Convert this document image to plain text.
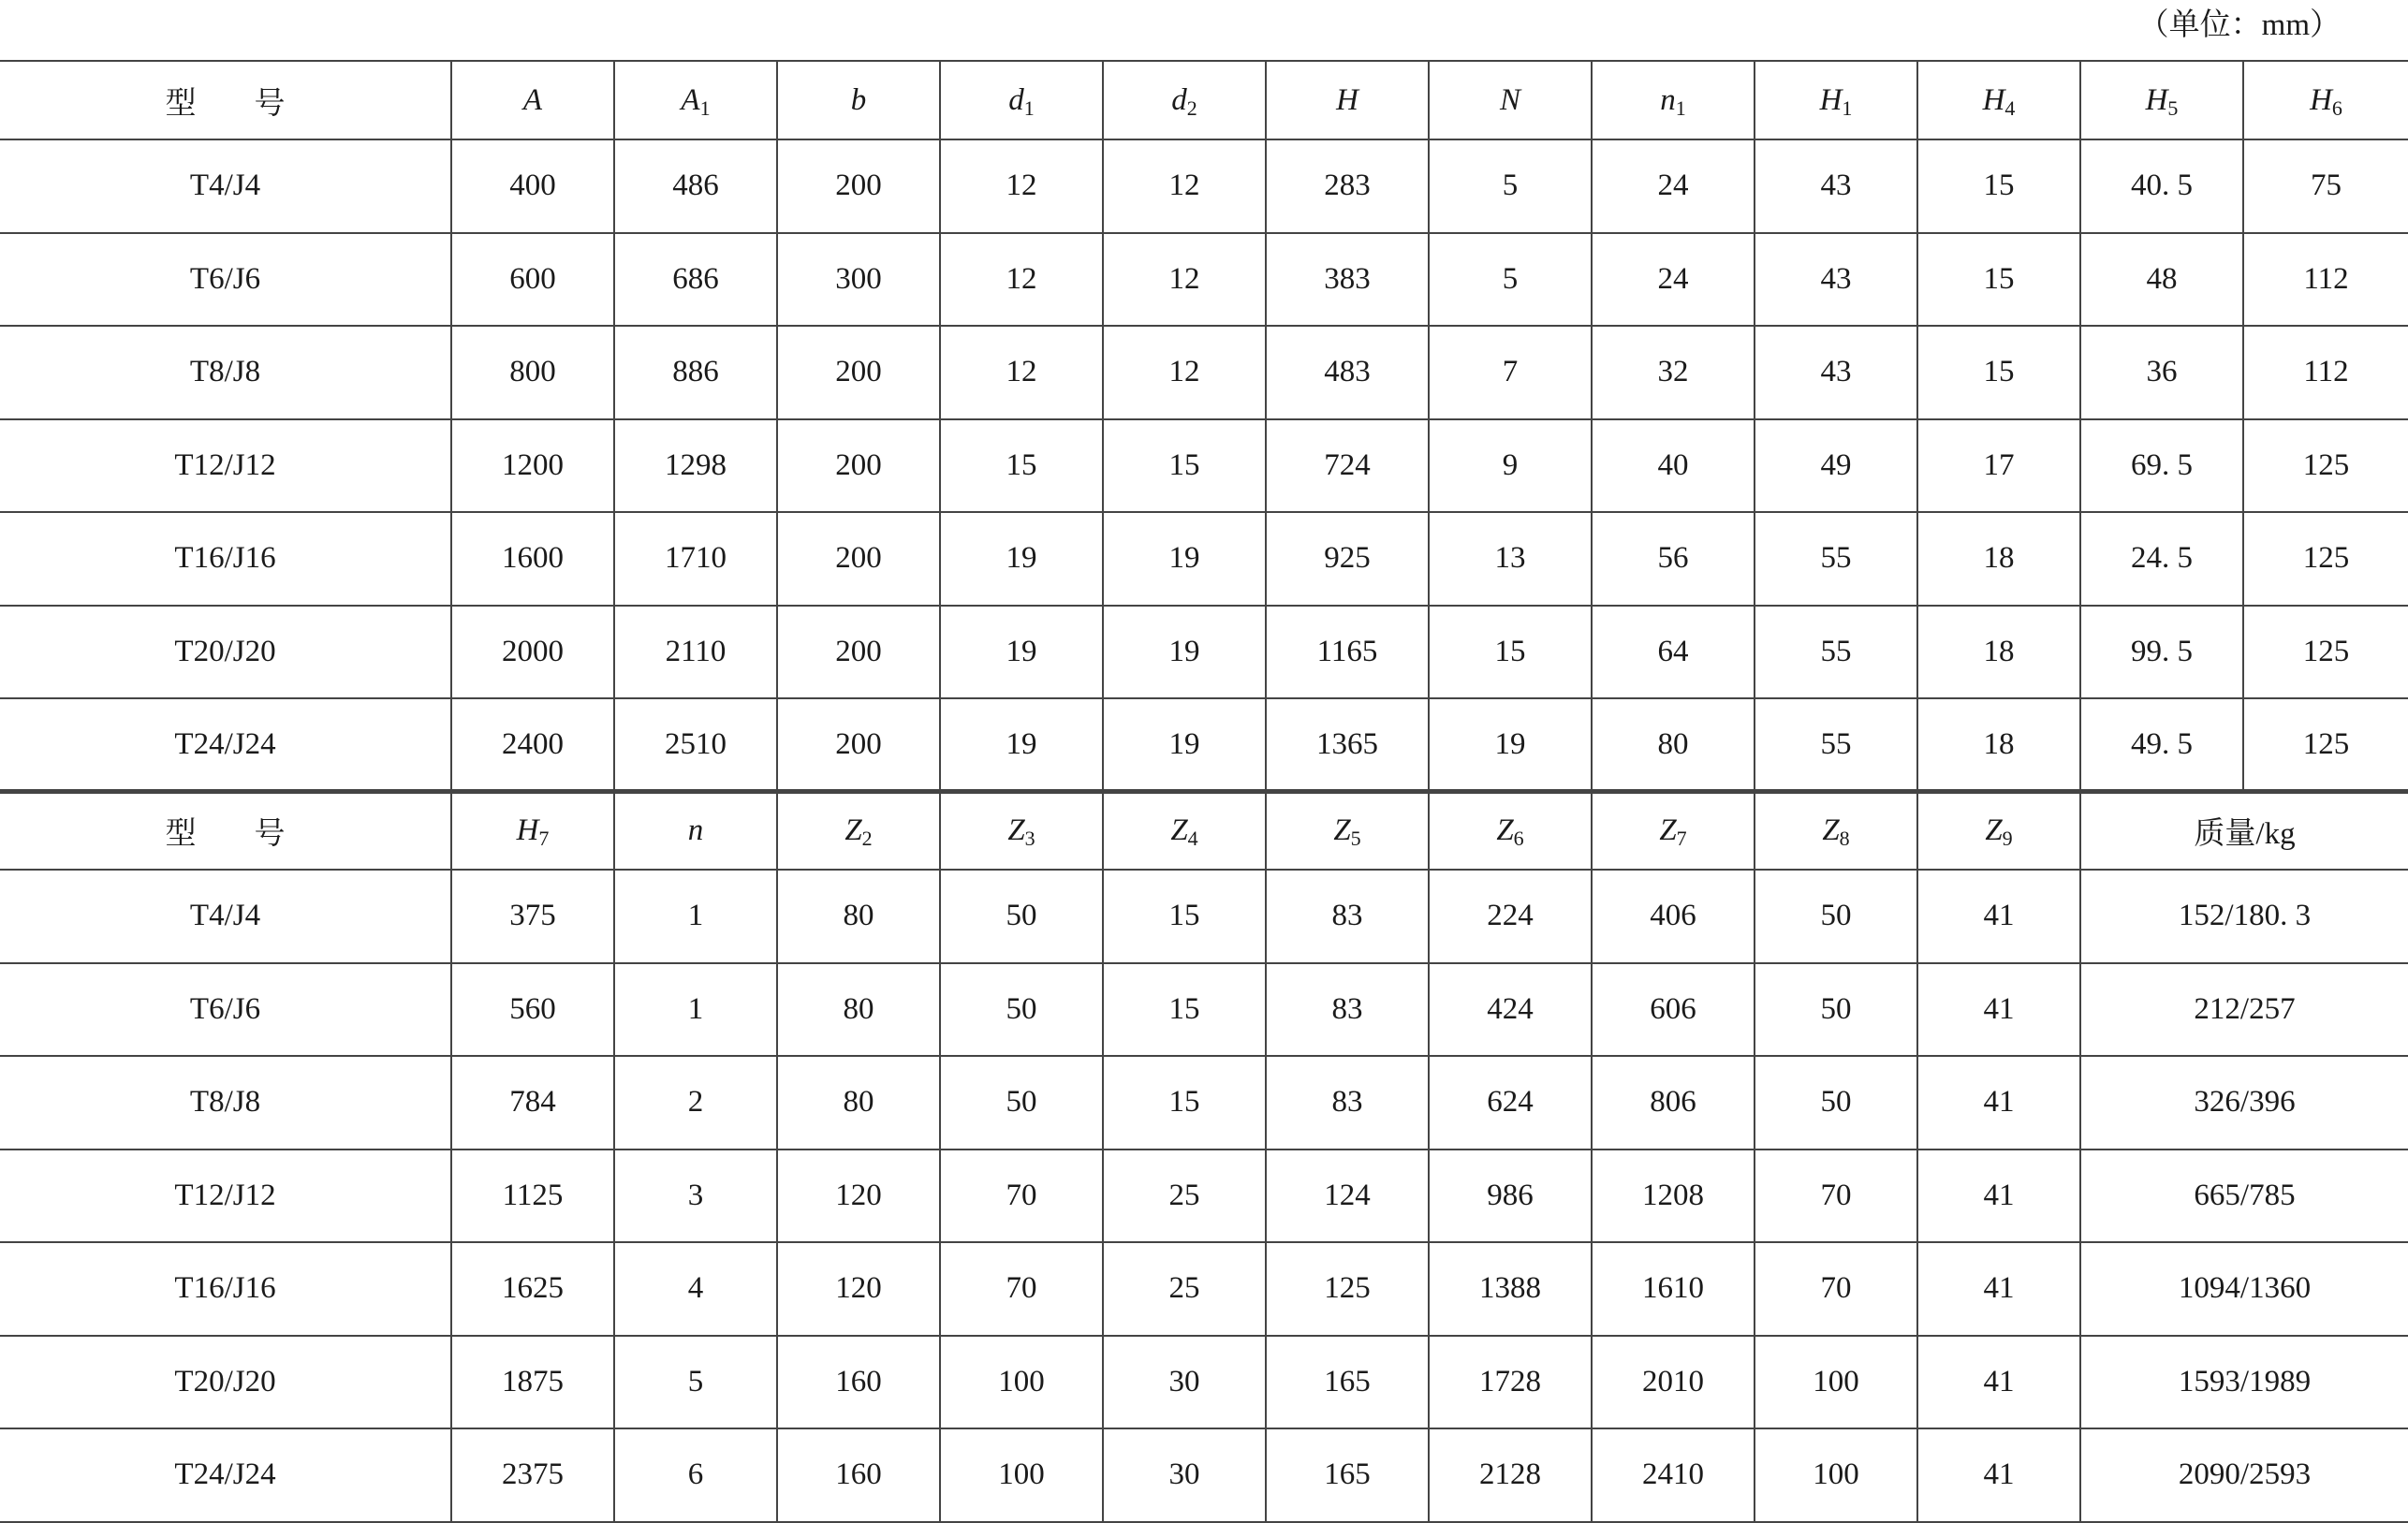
（单位：mm）
型 号	A	$A_1$	b	$d_1$	$d_2$	H	N	$n_1$	$H_1$	$H_4$	$H_5$	$H_6$
T4/J4	400	486	200	12	12	283	5	24	43	15	40. 5	75
T6/J6	600	686	300	12	12	383	5	24	43	15	48	112
T8/J8	800	886	200	12	12	483	7	32	43	15	36	112
T12/J12	1200	1298	200	15	15	724	9	40	49	17	69. 5	125
T16/J16	1600	1710	200	19	19	925	13	56	55	18	24. 5	125
T20/J20	2000	2110	200	19	19	1165	15	64	55	18	99. 5	125
T24/J24	2400	2510	200	19	19	1365	19	80	55	18	49. 5	125
型 号	$H_7$	n	$Z_2$	$Z_3$	$Z_4$	$Z_5$	$Z_6$	$Z_7$	$Z_8$	$Z_9$	质量/kg
T4/J4	375	1	80	50	15	83	224	406	50	41	152/180. 3
T6/J6	560	1	80	50	15	83	424	606	50	41	212/257
T8/J8	784	2	80	50	15	83	624	806	50	41	326/396
T12/J12	1125	3	120	70	25	124	986	1208	70	41	665/785
T16/J16	1625	4	120	70	25	125	1388	1610	70	41	1094/1360
T20/J20	1875	5	160	100	30	165	1728	2010	100	41	1593/1989
T24/J24	2375	6	160	100	30	165	2128	2410	100	41	2090/2593
